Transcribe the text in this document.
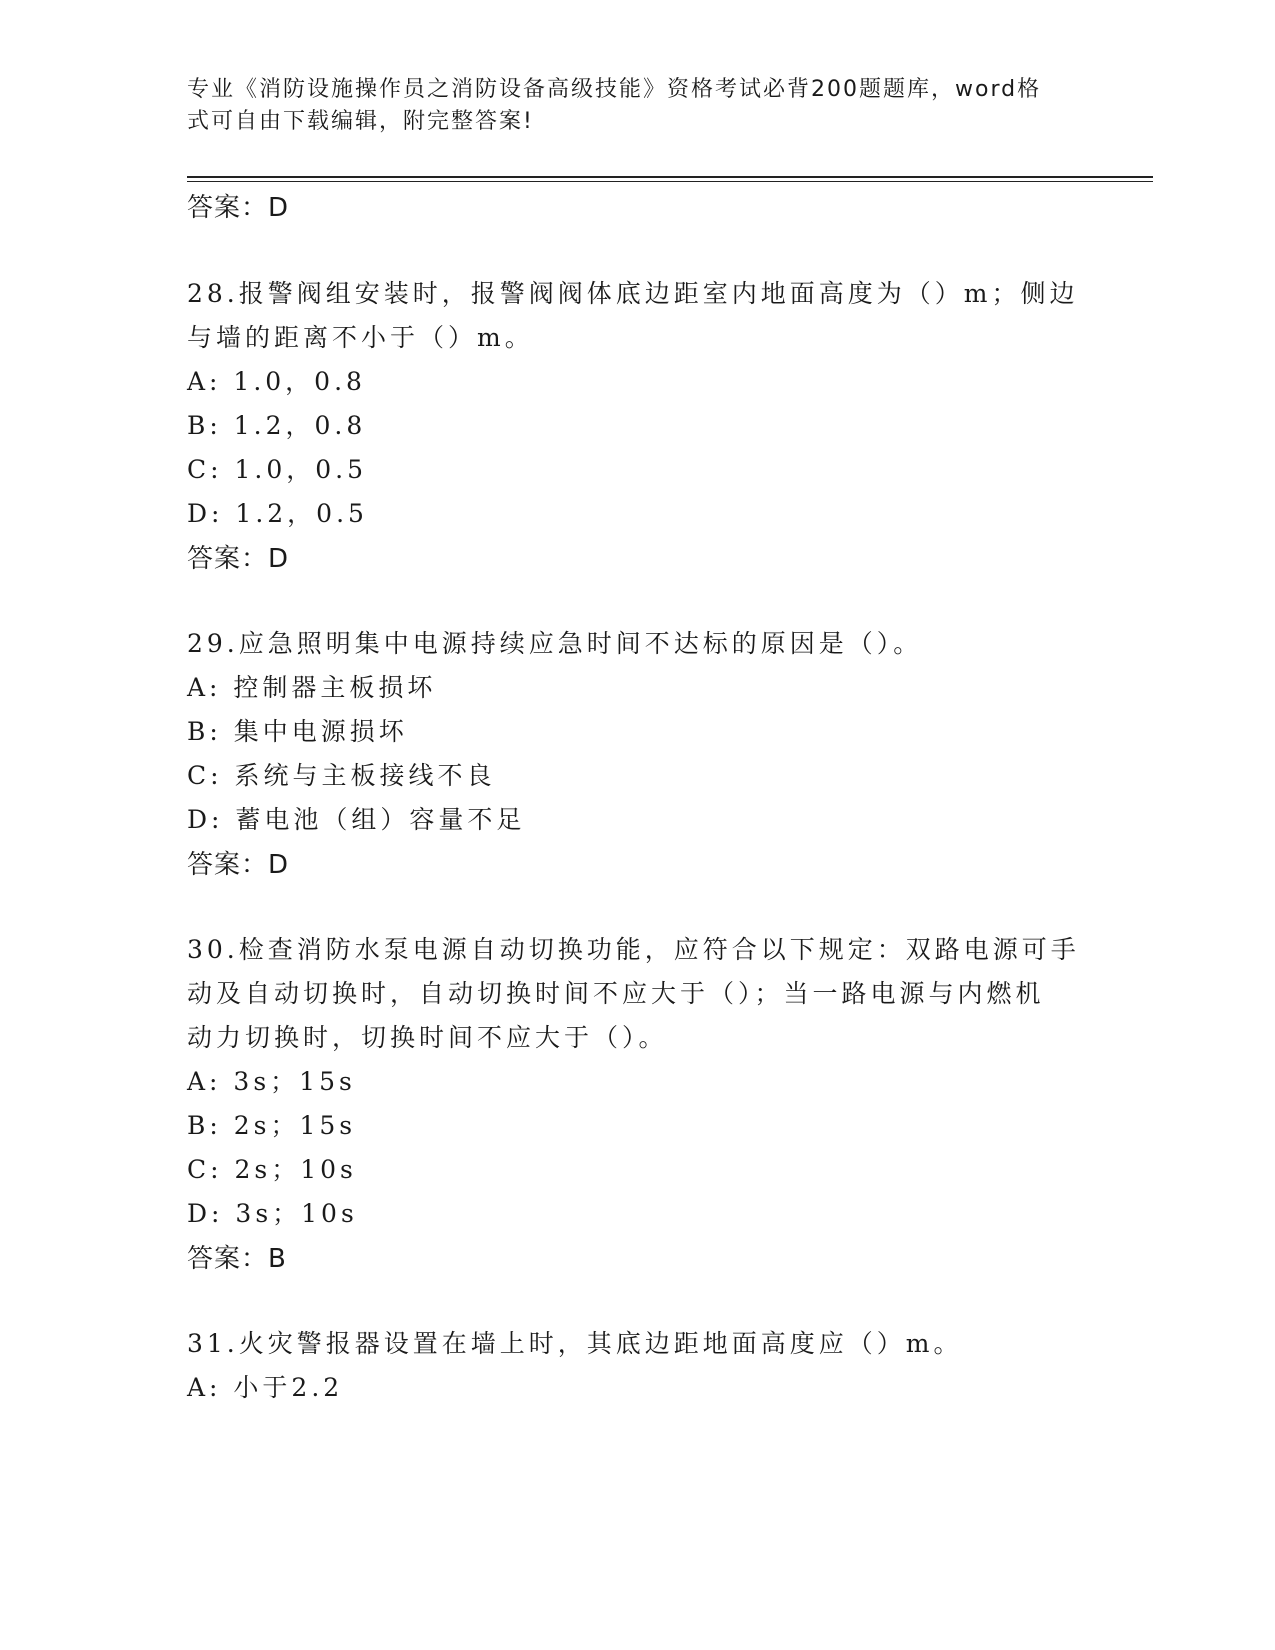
专业《消防设施操作员之消防设备高级技能》资格考试必背200题题库，word格
式可自由下载编辑，附完整答案!
答案：D
28.报警阀组安装时，报警阀阀体底边距室内地面高度为（）m；侧边
与墙的距离不小于（）m。
A: 1.0，0.8
B: 1.2，0.8
C: 1.0，0.5
D: 1.2，0.5
答案：D
29.应急照明集中电源持续应急时间不达标的原因是（）。
A: 控制器主板损坏
B: 集中电源损坏
C: 系统与主板接线不良
D: 蓄电池（组）容量不足
答案：D
30.检查消防水泵电源自动切换功能，应符合以下规定：双路电源可手
动及自动切换时，自动切换时间不应大于（）；当一路电源与内燃机
动力切换时，切换时间不应大于（）。
A: 3s；15s
B: 2s；15s
C: 2s；10s
D: 3s；10s
答案：B
31.火灾警报器设置在墙上时，其底边距地面高度应（）m。
A: 小于2.2
